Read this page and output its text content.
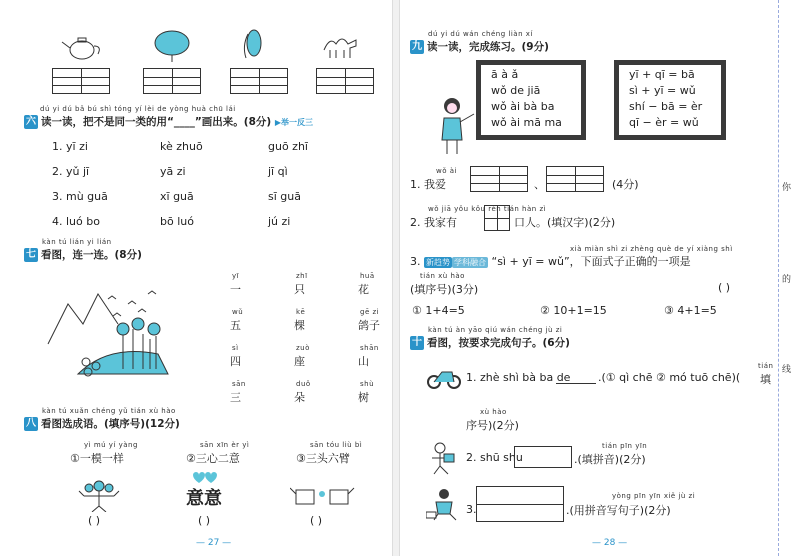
dú yi dú bǎ bú shì tóng yí lèi de yòng huà chū lái
六 读一读，把不是同一类的用“____”画出来。(8分) ▶举一反三
1. yī zi	kè zhuō	guō zhī
2. yǔ jī	yā zi	jī qì
3. mù guā	xī guā	sī guā
4. luó bo	bō luó	jú zi
kàn tú lián yi lián
七 看图，连一连。(8分)
yī
一
zhī
只
huā
花
wǔ
五
kē
棵
gē zi
鸽子
sì
四
zuò
座
shān
山
sān
三
duǒ
朵
shù
树
kàn tú xuǎn chéng yǔ tián xù hào
八 看图选成语。(填序号)(12分)
yì mú yí yàng
①一模一样
sān xīn èr yì
②三心二意
sān tóu liù bì
③三头六臂
意意
( )	( )	( )
— 27 —
dú yi dú wán chéng liàn xí
九 读一读，完成练习。(9分)
ā à ǎ
wǒ de jiā
wǒ ài bà ba
wǒ ài mā ma
yī + qī = bā
sì + yī = wǔ
shí − bā = èr
qī − èr = wǔ
wǒ ài
1. 我爱	、	(4分)
wǒ jiā yǒu kǒu rén tián hàn zì
2. 我家有	口人。(填汉字)(2分)
xià miàn shì zi zhèng què de yí xiàng shì
3. 新趋势 学科融合 “sì + yī = wǔ”，下面式子正确的一项是
tián xù hào
(填序号)(3分)	( )
① 1+4=5	② 10+1=15	③ 4+1=5
kàn tú àn yāo qiú wán chéng jù zi
十 看图，按要求完成句子。(6分)
1. zhè shì bà ba de	.(① qì chē ② mó tuō chē)(
tián
填
xù hào
序号)(2分)
2. shū shu
tián pīn yīn
.(填拼音)(2分)
3.
yòng pīn yīn xiě jù zi
.(用拼音写句子)(2分)
— 28 —
你
的
线
